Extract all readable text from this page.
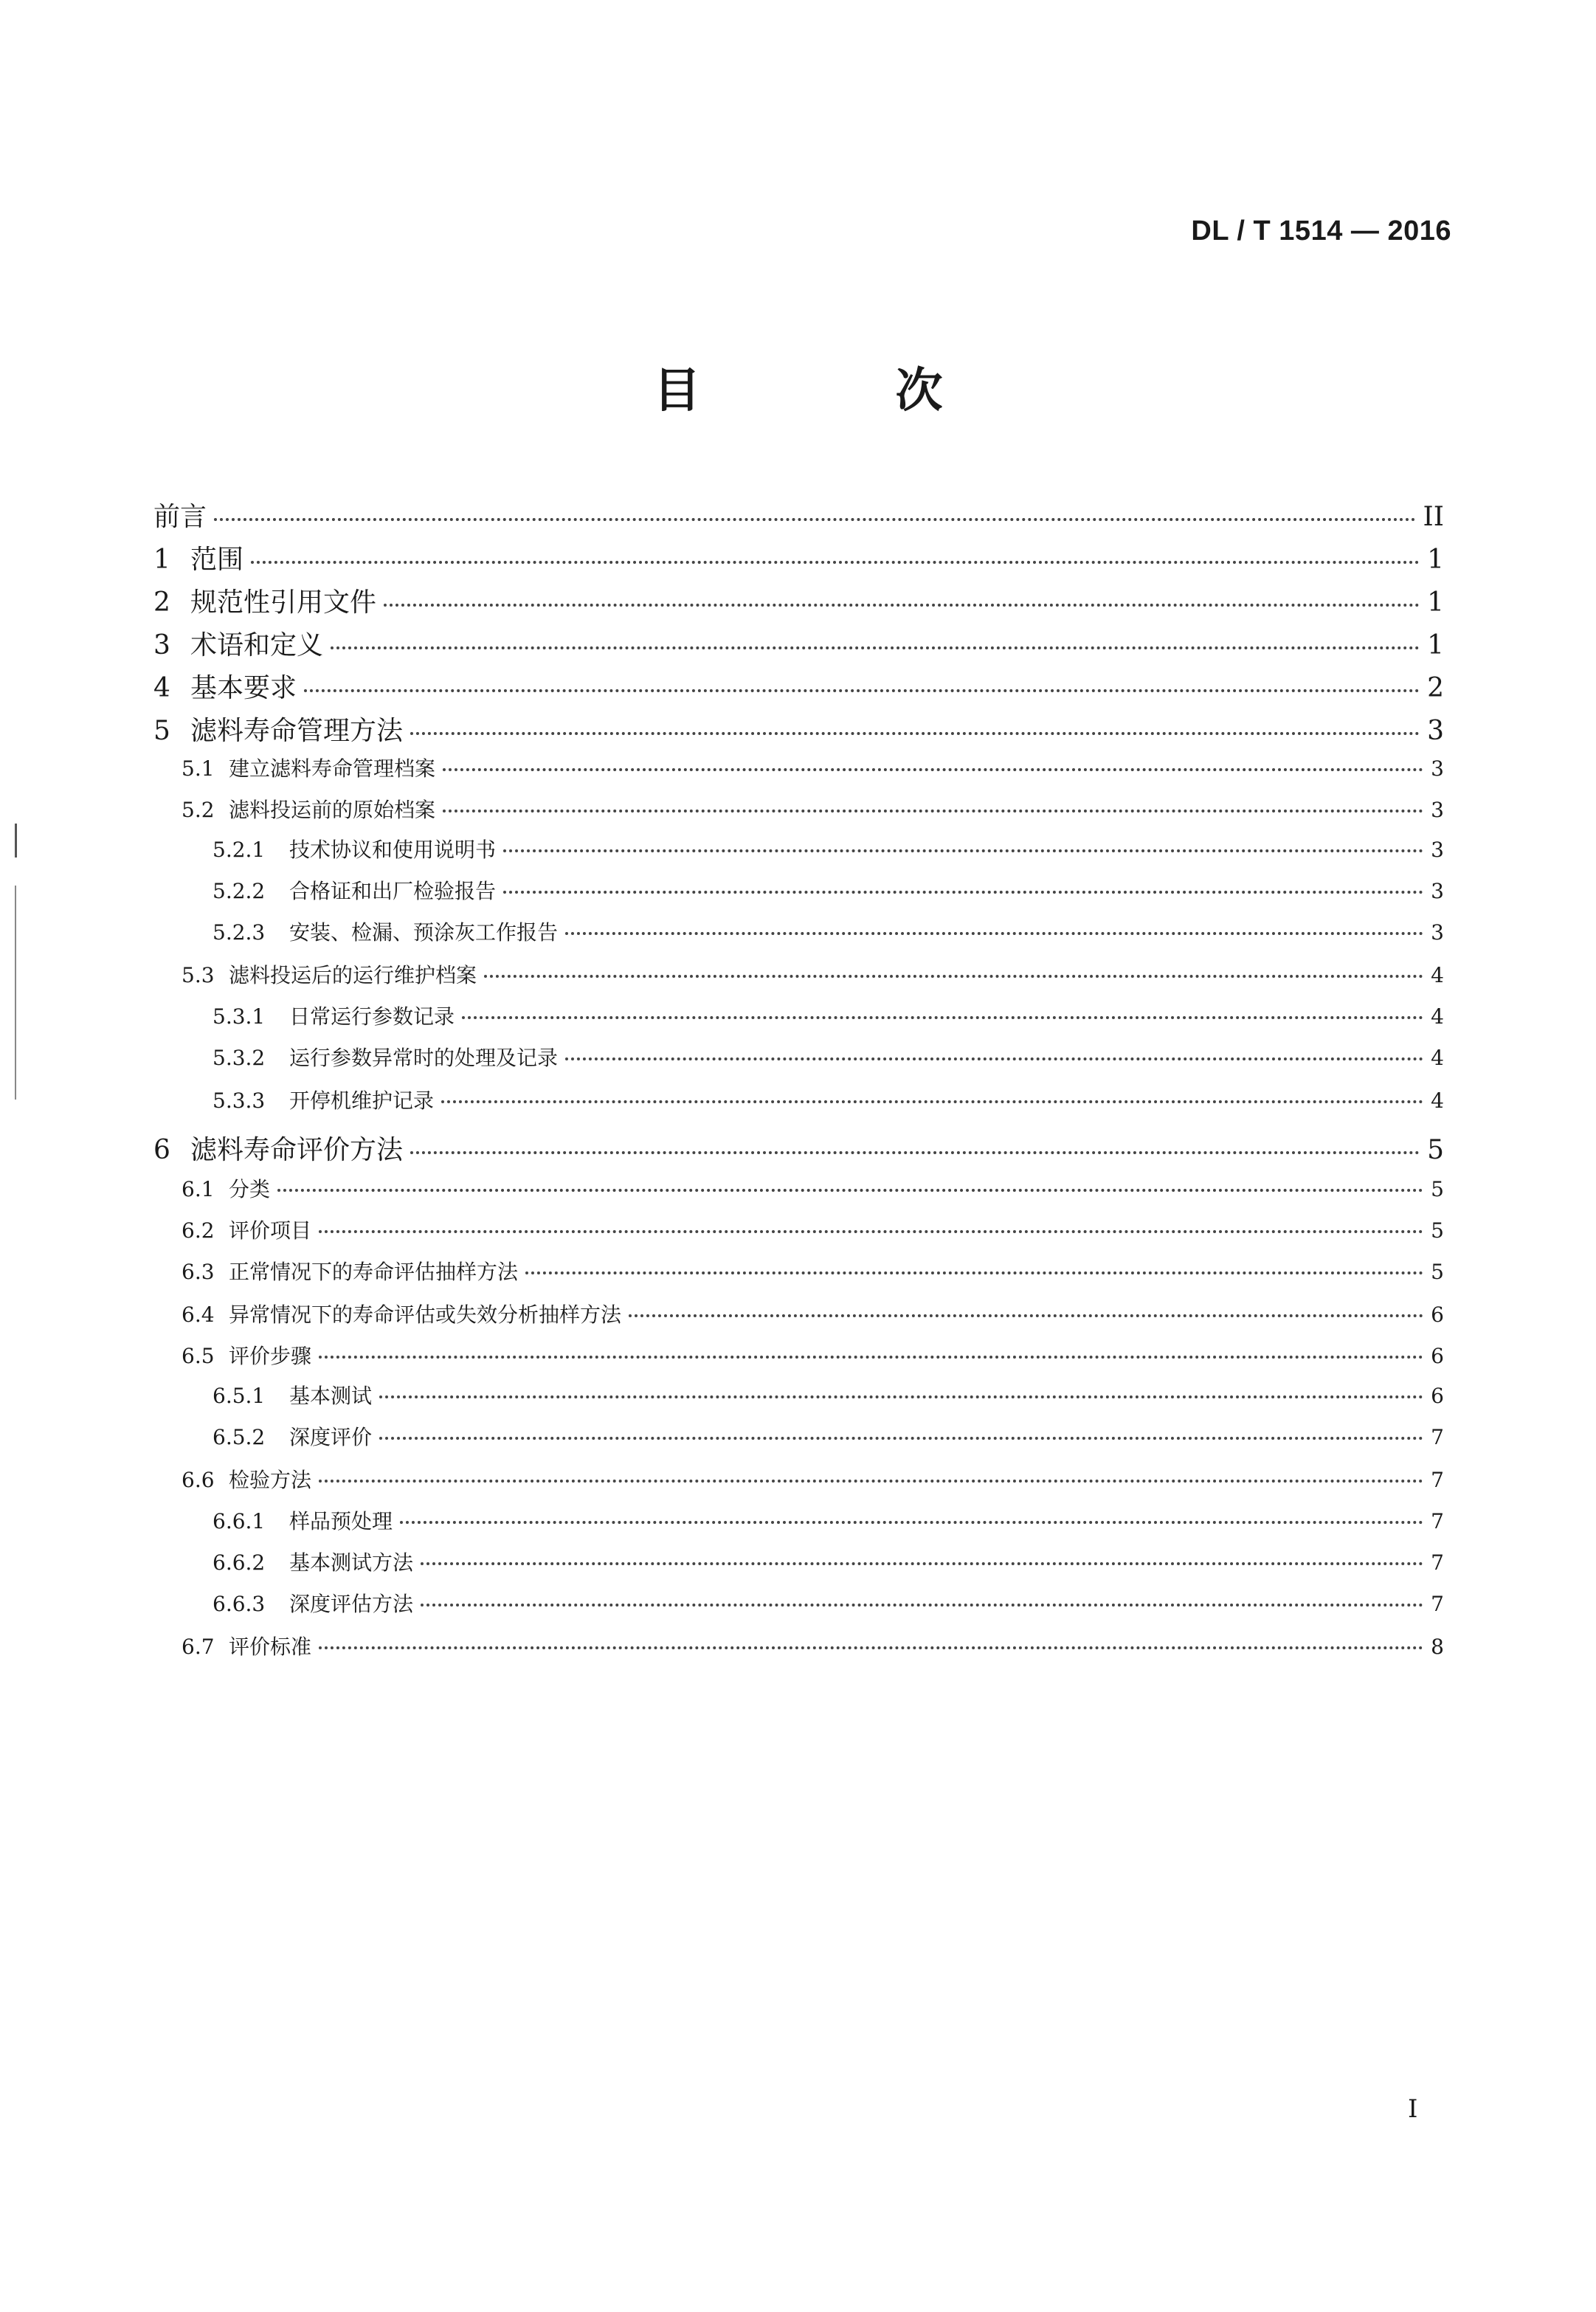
DL / T 1514 — 2016
目　次
前言	II
1 范围	1
2 规范性引用文件	1
3 术语和定义	1
4 基本要求	2
5 滤料寿命管理方法	3
5.1 建立滤料寿命管理档案	3
5.2 滤料投运前的原始档案	3
5.2.1	技术协议和使用说明书	3
5.2.2	合格证和出厂检验报告	3
5.2.3	安装、检漏、预涂灰工作报告	3
5.3 滤料投运后的运行维护档案	4
5.3.1	日常运行参数记录	4
5.3.2	运行参数异常时的处理及记录	4
5.3.3	开停机维护记录	4
6 滤料寿命评价方法	5
6.1 分类	5
6.2 评价项目	5
6.3 正常情况下的寿命评估抽样方法	5
6.4 异常情况下的寿命评估或失效分析抽样方法	6
6.5 评价步骤	6
6.5.1	基本测试	6
6.5.2	深度评价	7
6.6 检验方法	7
6.6.1	样品预处理	7
6.6.2	基本测试方法	7
6.6.3	深度评估方法	7
6.7 评价标准	8
I
